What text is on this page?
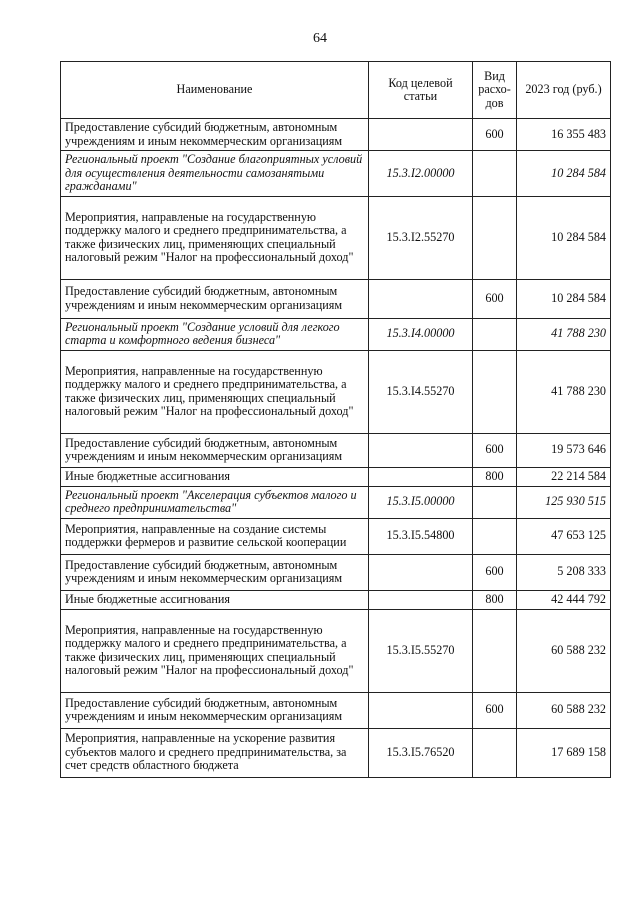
64
Наименование	Код целевой статьи	Вид расхо-дов	2023 год (руб.)
Предоставление субсидий бюджетным, автономным учреждениям и иным некоммерческим организациям		600	16 355 483
Региональный проект "Создание благоприятных условий для осуществления деятельности самозанятыми гражданами"	15.3.I2.00000		10 284 584
Мероприятия, направленые на государственную поддержку малого и среднего предпринимательства, а также физических лиц, применяющих специальный налоговый режим "Налог на профессиональный доход"	15.3.I2.55270		10 284 584
Предоставление субсидий бюджетным, автономным учреждениям и иным некоммерческим организациям		600	10 284 584
Региональный проект "Создание условий для легкого старта и комфортного ведения бизнеса"	15.3.I4.00000		41 788 230
Мероприятия, направленные на государственную поддержку малого и среднего предпринимательства, а также физических лиц, применяющих специальный налоговый режим "Налог на профессиональный доход"	15.3.I4.55270		41 788 230
Предоставление субсидий бюджетным, автономным учреждениям и иным некоммерческим организациям		600	19 573 646
Иные бюджетные ассигнования		800	22 214 584
Региональный проект "Акселерация субъектов малого и среднего предпринимательства"	15.3.I5.00000		125 930 515
Мероприятия, направленные на создание системы поддержки фермеров и развитие сельской кооперации	15.3.I5.54800		47 653 125
Предоставление субсидий бюджетным, автономным учреждениям и иным некоммерческим организациям		600	5 208 333
Иные бюджетные ассигнования		800	42 444 792
Мероприятия, направленные на государственную поддержку малого и среднего предпринимательства, а также физических лиц, применяющих специальный налоговый режим "Налог на профессиональный доход"	15.3.I5.55270		60 588 232
Предоставление субсидий бюджетным, автономным учреждениям и иным некоммерческим организациям		600	60 588 232
Мероприятия, направленные на ускорение развития субъектов малого и среднего предпринимательства, за счет средств областного бюджета	15.3.I5.76520		17 689 158
